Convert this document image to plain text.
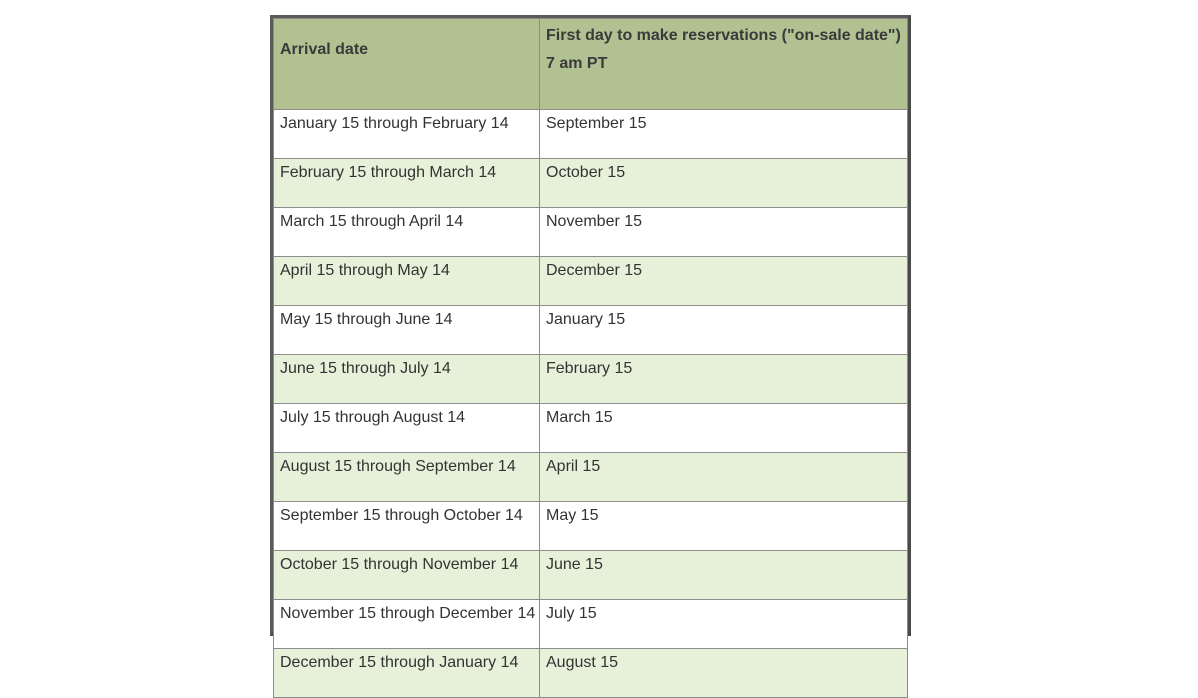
Arrival date	First day to make reservations ("on-sale date")
7 am PT

January 15 through February 14	September 15
February 15 through March 14	October 15
March 15 through April 14	November 15
April 15 through May 14	December 15
May 15 through June 14	January 15
June 15 through July 14	February 15
July 15 through August 14	March 15
August 15 through September 14	April 15
September 15 through October 14	May 15
October 15 through November 14	June 15
November 15 through December 14	July 15
December 15 through January 14	August 15
